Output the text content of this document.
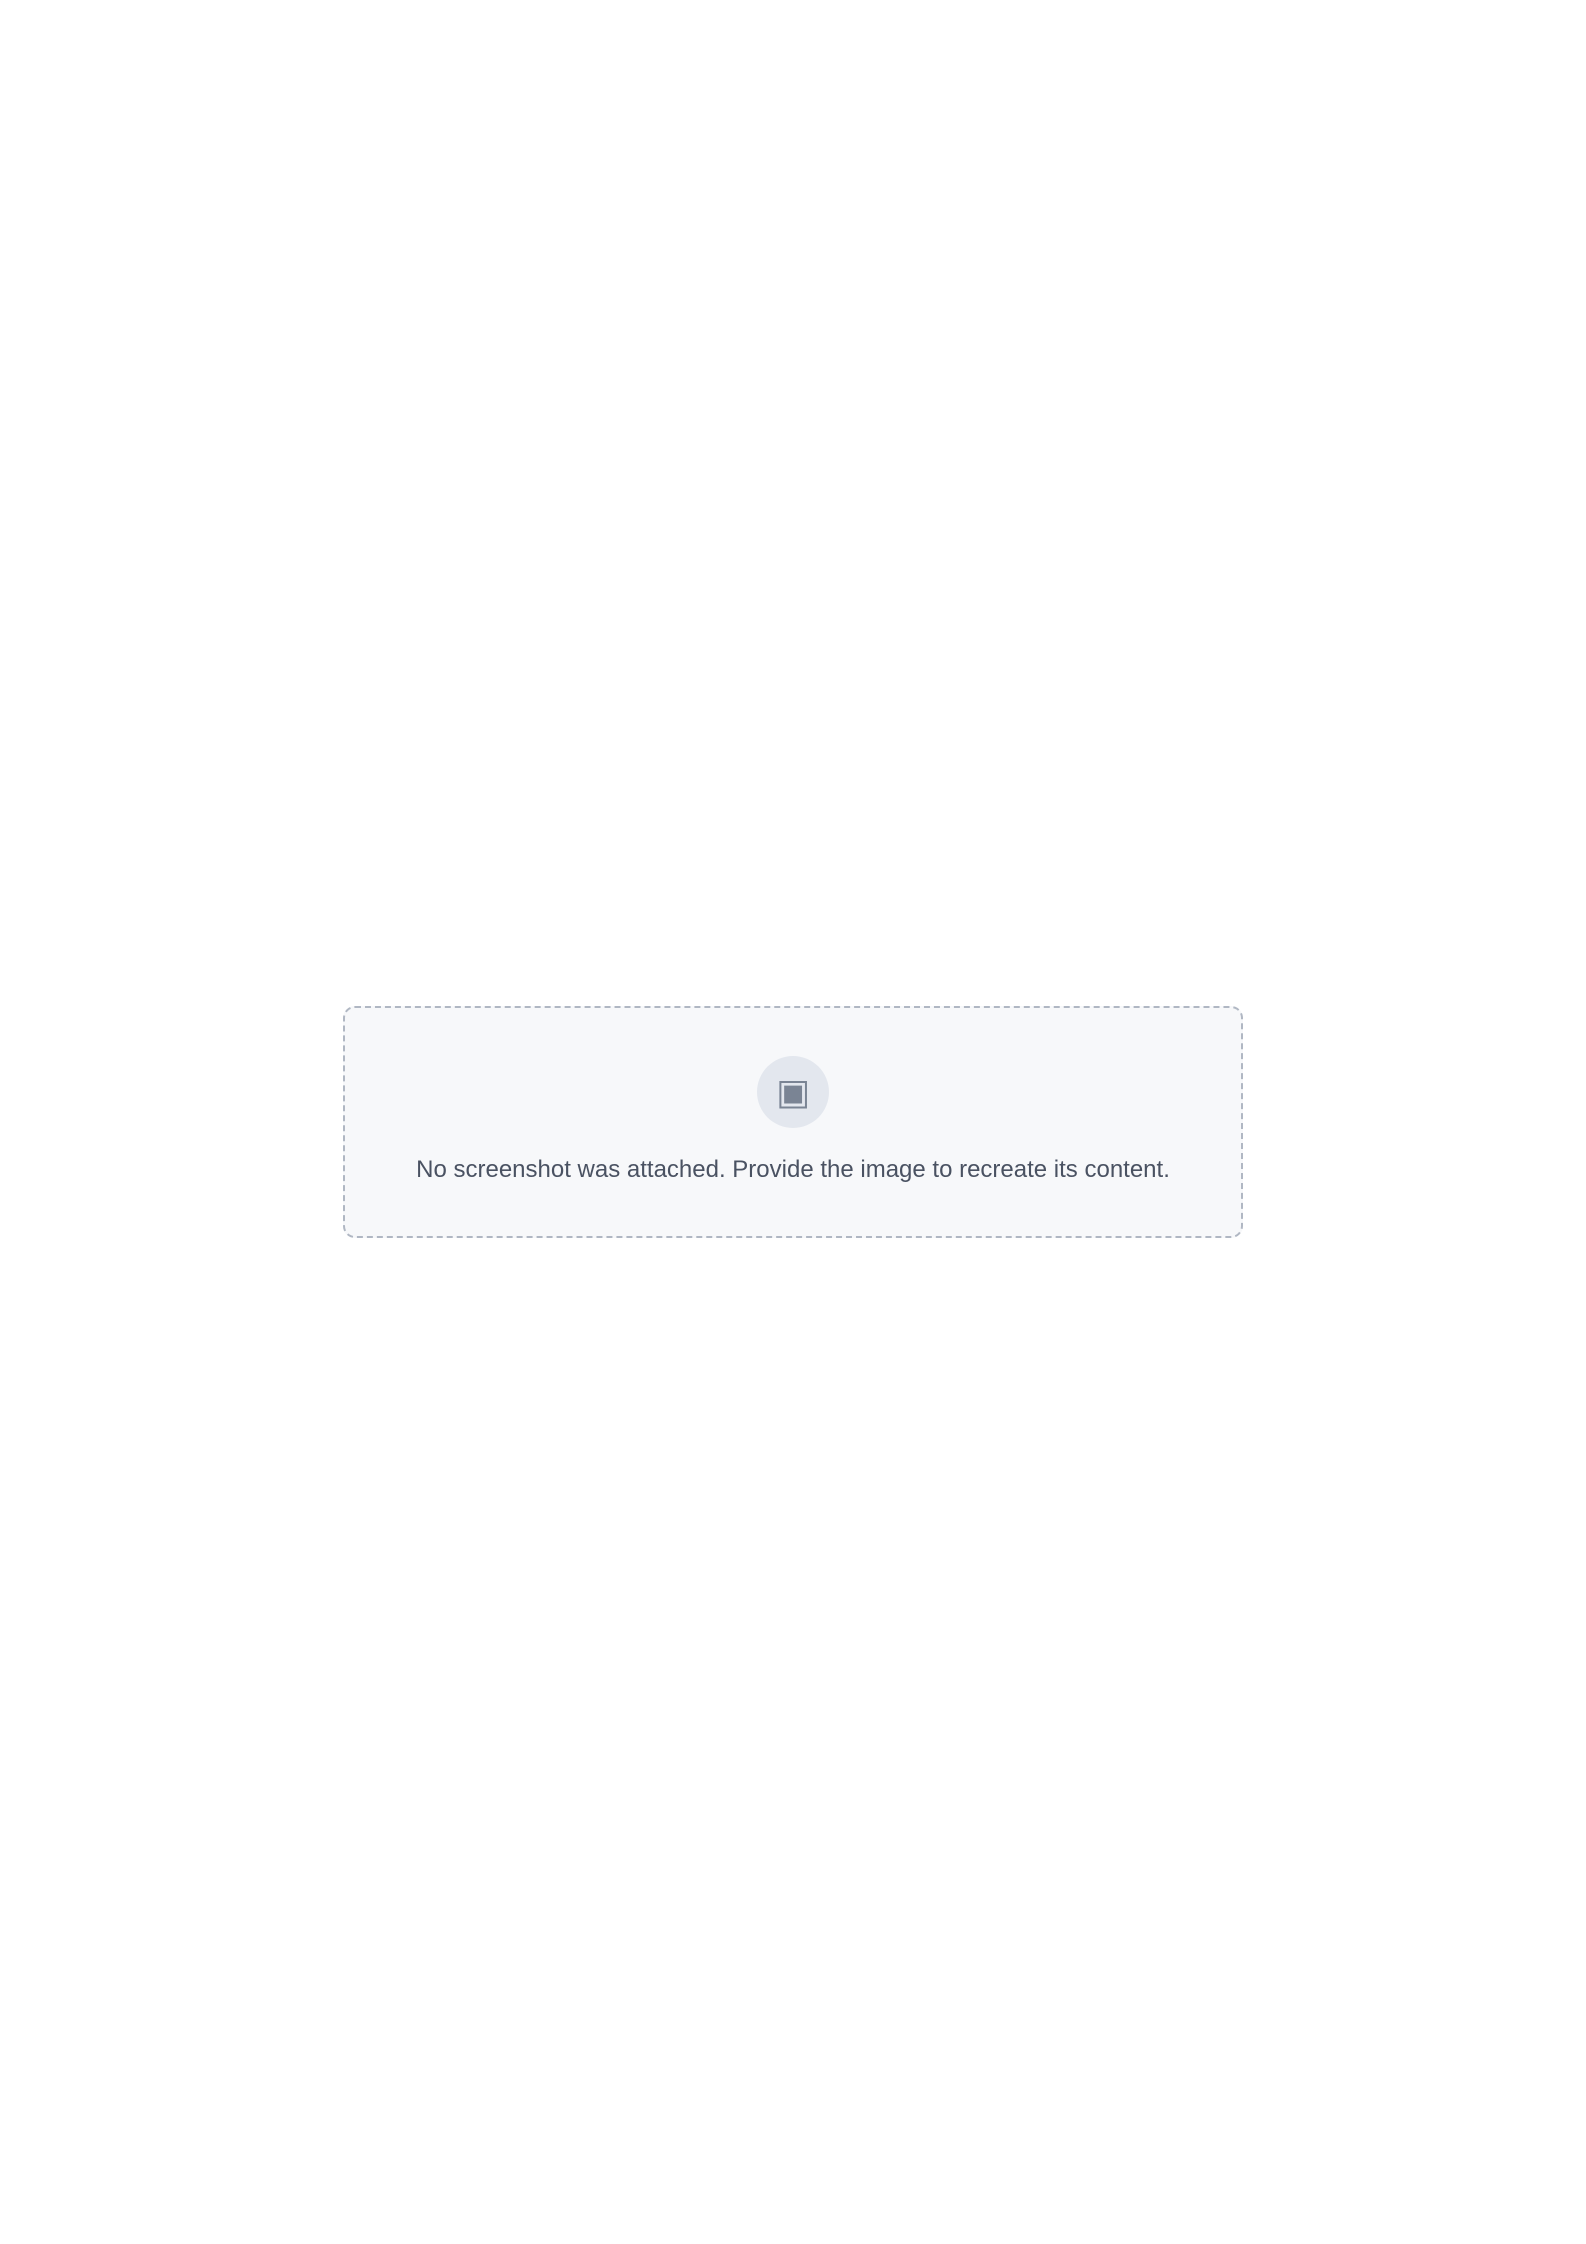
▣
No screenshot was attached. Provide the image to recreate its content.
